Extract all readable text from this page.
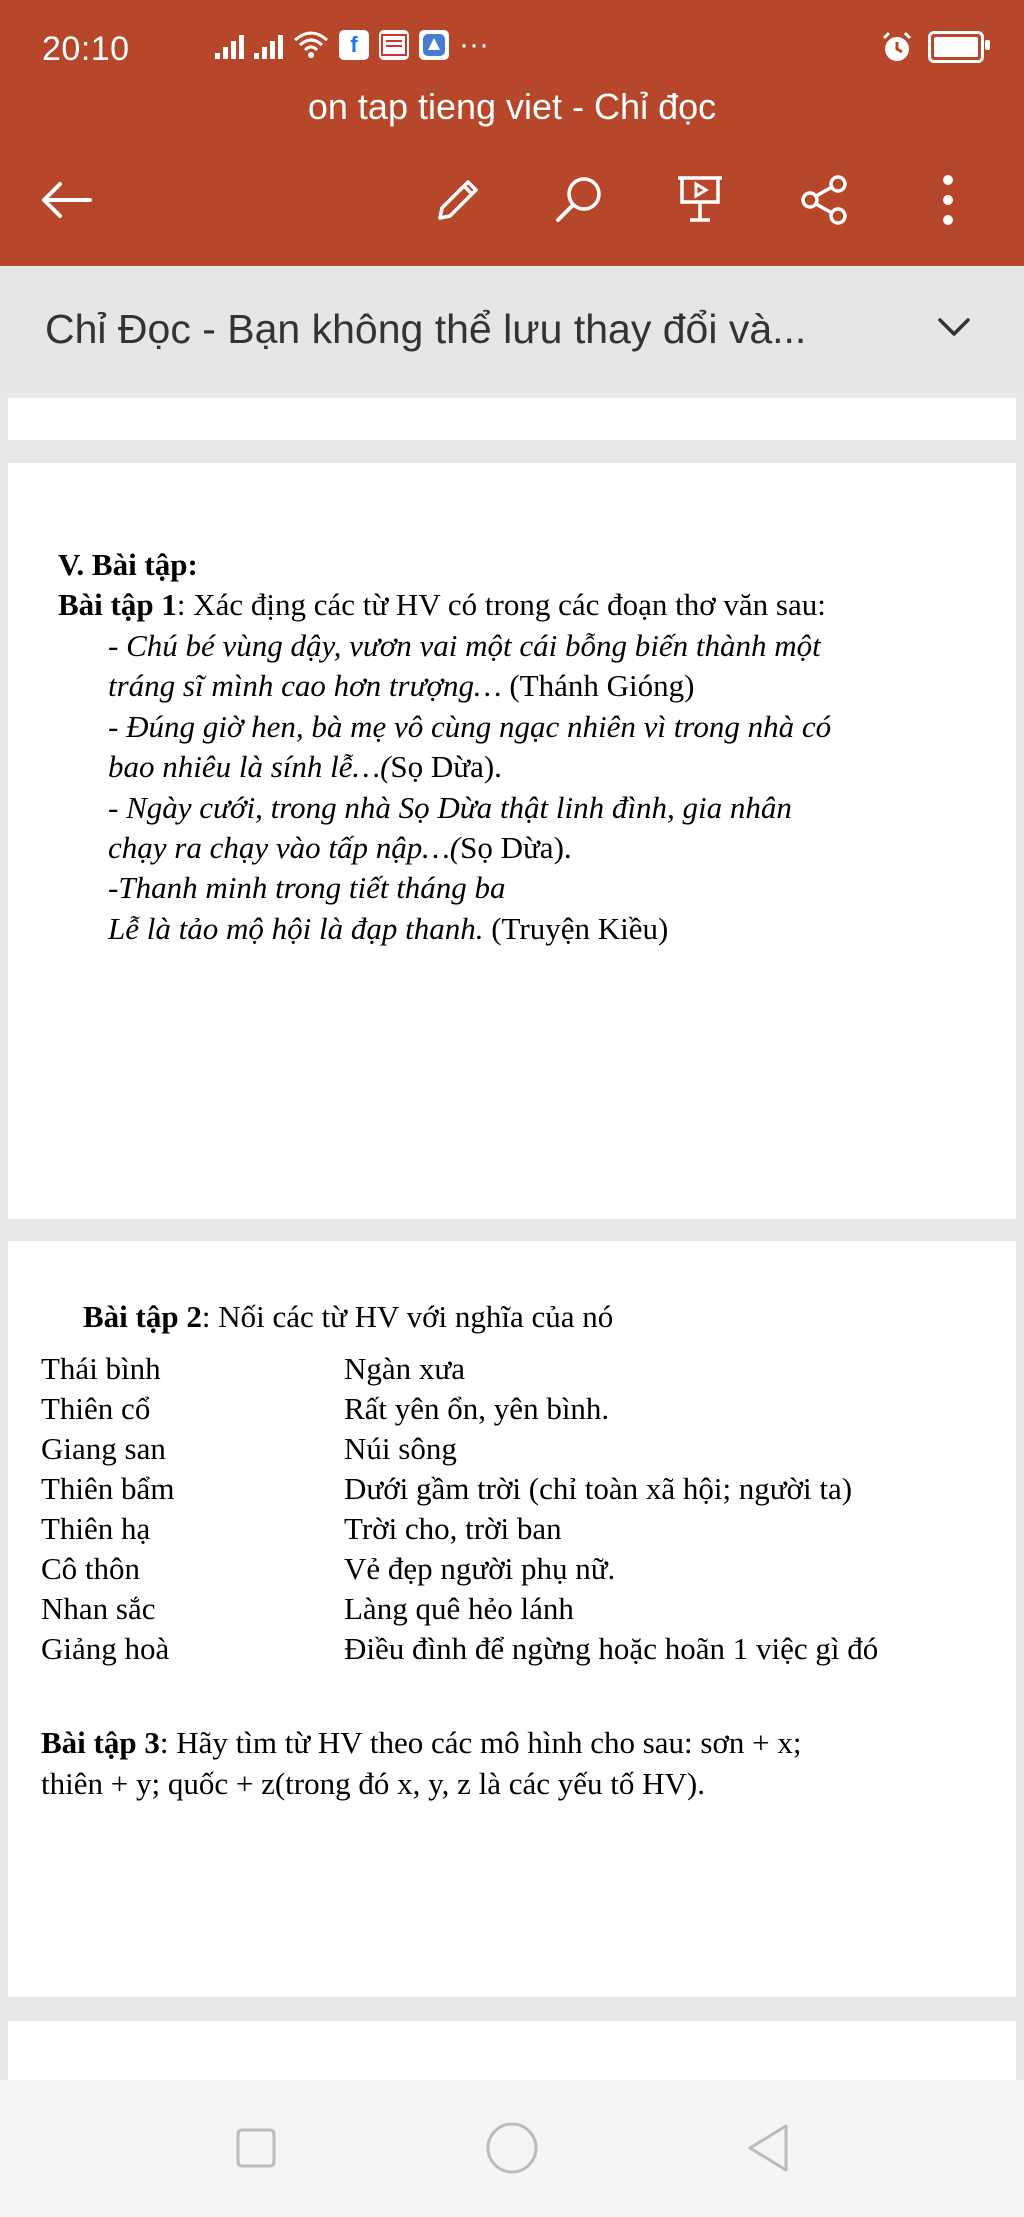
20:10	f	···
on tap tieng viet - Chỉ đọc
Chỉ Đọc - Bạn không thể lưu thay đổi và...
V. Bài tập:
Bài tập 1: Xác địng các từ HV có trong các đoạn thơ văn sau:
- Chú bé vùng dậy, vươn vai một cái bỗng biến thành một
tráng sĩ mình cao hơn trượng… (Thánh Gióng)
- Đúng giờ hen, bà mẹ vô cùng ngạc nhiên vì trong nhà có
bao nhiêu là sính lễ…(Sọ Dừa).
- Ngày cưới, trong nhà Sọ Dừa thật linh đình, gia nhân
chạy ra chạy vào tấp nập…(Sọ Dừa).
-Thanh minh trong tiết tháng ba
Lễ là tảo mộ hội là đạp thanh. (Truyện Kiều)
Bài tập 2: Nối các từ HV với nghĩa của nó
Thái bình
Thiên cổ
Giang san
Thiên bẩm
Thiên hạ
Cô thôn
Nhan sắc
Giảng hoà
Ngàn xưa
Rất yên ổn, yên bình.
Núi sông
Dưới gầm trời (chỉ toàn xã hội; người ta)
Trời cho, trời ban
Vẻ đẹp người phụ nữ.
Làng quê hẻo lánh
Điều đình để ngừng hoặc hoãn 1 việc gì đó
Bài tập 3: Hãy tìm từ HV theo các mô hình cho sau: sơn + x;
thiên + y; quốc + z(trong đó x, y, z là các yếu tố HV).
